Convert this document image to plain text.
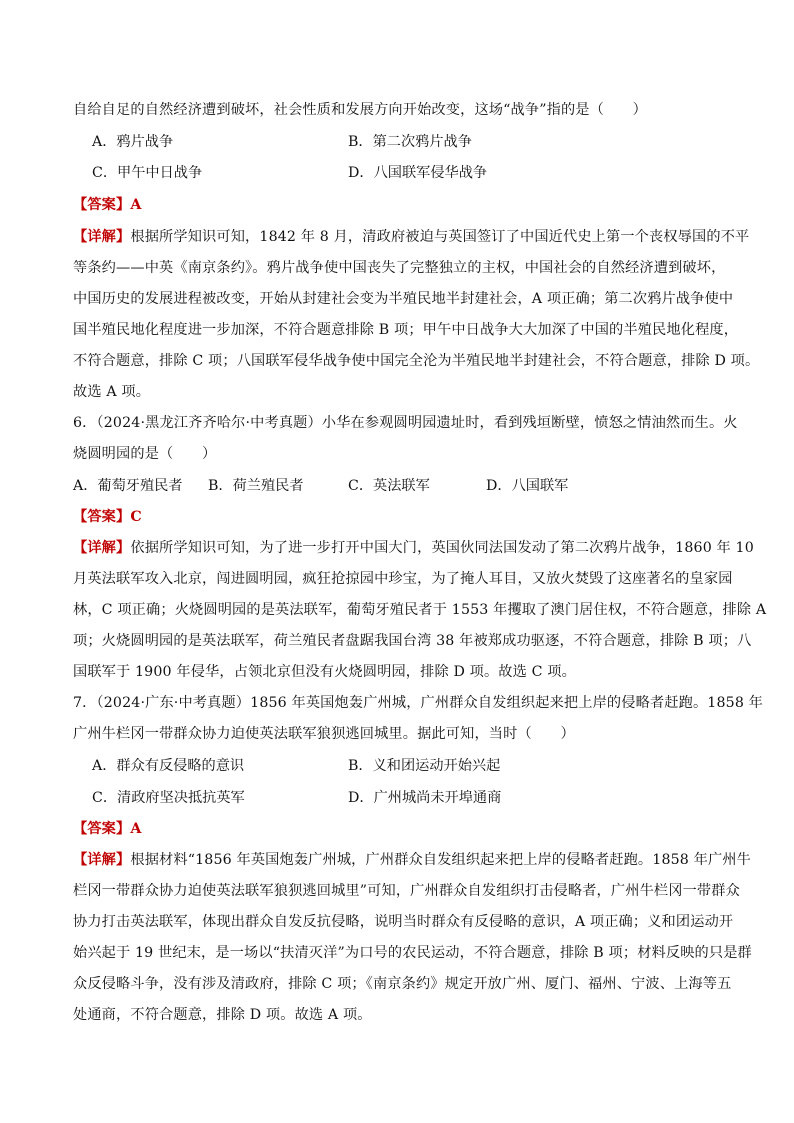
自给自足的自然经济遭到破坏，社会性质和发展方向开始改变，这场“战争”指的是（　　）
A．鸦片战争	B．第二次鸦片战争
C．甲午中日战争	D．八国联军侵华战争
【答案】A
【详解】根据所学知识可知，1842 年 8 月，清政府被迫与英国签订了中国近代史上第一个丧权辱国的不平
等条约——中英《南京条约》。鸦片战争使中国丧失了完整独立的主权，中国社会的自然经济遭到破坏，
中国历史的发展进程被改变，开始从封建社会变为半殖民地半封建社会，A 项正确；第二次鸦片战争使中
国半殖民地化程度进一步加深，不符合题意排除 B 项；甲午中日战争大大加深了中国的半殖民地化程度，
不符合题意，排除 C 项；八国联军侵华战争使中国完全沦为半殖民地半封建社会，不符合题意，排除 D 项。
故选 A 项。
6．（2024·黑龙江齐齐哈尔·中考真题）小华在参观圆明园遗址时，看到残垣断壁，愤怒之情油然而生。火
烧圆明园的是（　　）
A．葡萄牙殖民者 B．荷兰殖民者	C．英法联军	D．八国联军
【答案】C
【详解】依据所学知识可知，为了进一步打开中国大门，英国伙同法国发动了第二次鸦片战争，1860 年 10
月英法联军攻入北京，闯进圆明园，疯狂抢掠园中珍宝，为了掩人耳目，又放火焚毁了这座著名的皇家园
林，C 项正确；火烧圆明园的是英法联军，葡萄牙殖民者于 1553 年攫取了澳门居住权，不符合题意，排除 A
项；火烧圆明园的是英法联军，荷兰殖民者盘踞我国台湾 38 年被郑成功驱逐，不符合题意，排除 B 项；八
国联军于 1900 年侵华，占领北京但没有火烧圆明园，排除 D 项。故选 C 项。
7．（2024·广东·中考真题）1856 年英国炮轰广州城，广州群众自发组织起来把上岸的侵略者赶跑。1858 年
广州牛栏冈一带群众协力迫使英法联军狼狈逃回城里。据此可知，当时（　　）
A．群众有反侵略的意识	B．义和团运动开始兴起
C．清政府坚决抵抗英军	D．广州城尚未开埠通商
【答案】A
【详解】根据材料“1856 年英国炮轰广州城，广州群众自发组织起来把上岸的侵略者赶跑。1858 年广州牛
栏冈一带群众协力迫使英法联军狼狈逃回城里”可知，广州群众自发组织打击侵略者，广州牛栏冈一带群众
协力打击英法联军，体现出群众自发反抗侵略，说明当时群众有反侵略的意识，A 项正确；义和团运动开
始兴起于 19 世纪末，是一场以“扶清灭洋”为口号的农民运动，不符合题意，排除 B 项；材料反映的只是群
众反侵略斗争，没有涉及清政府，排除 C 项；《南京条约》规定开放广州、厦门、福州、宁波、上海等五
处通商，不符合题意，排除 D 项。故选 A 项。
